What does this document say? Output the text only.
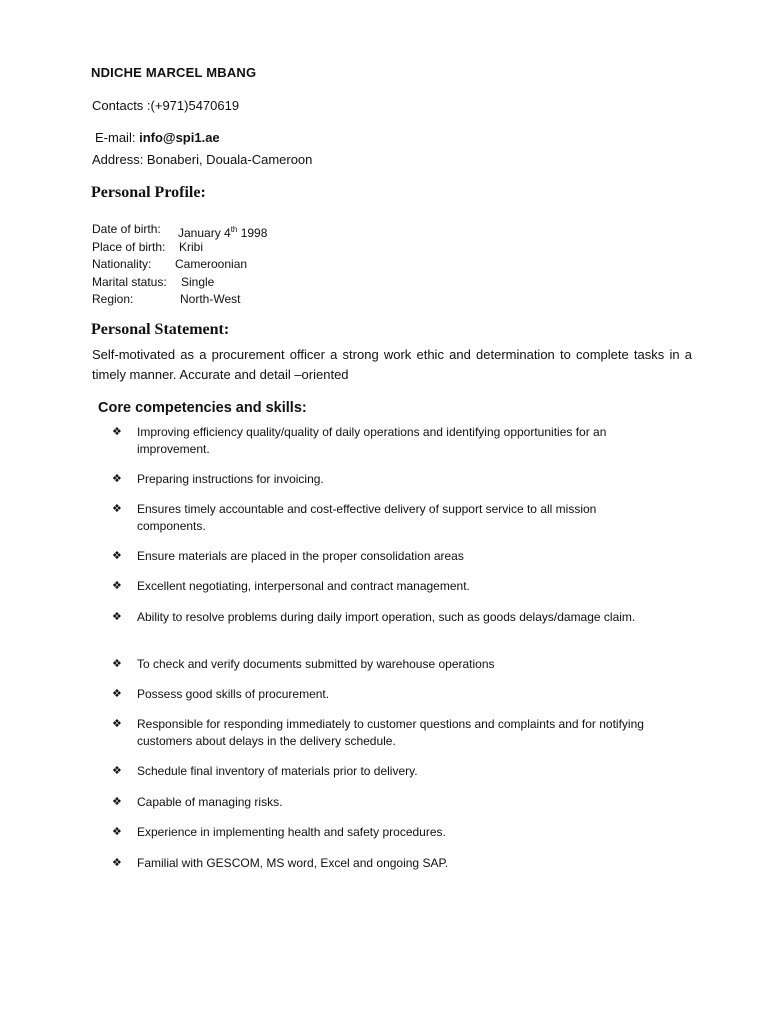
NDICHE MARCEL MBANG
Contacts :(+971)5470619
E-mail: info@spi1.ae
Address: Bonaberi, Douala-Cameroon
Personal Profile:
Date of birth: January 4th 1998
Place of birth: Kribi
Nationality: Cameroonian
Marital status: Single
Region:	North-West
Personal Statement:
Self-motivated as a procurement officer a strong work ethic and determination to complete tasks in a timely manner. Accurate and detail –oriented
Core competencies and skills:
❖	Improving efficiency quality/quality of daily operations and identifying opportunities for an improvement.
❖	Preparing instructions for invoicing.
❖	Ensures timely accountable and cost-effective delivery of support service to all mission components.
❖	Ensure materials are placed in the proper consolidation areas
❖	Excellent negotiating, interpersonal and contract management.
❖	Ability to resolve problems during daily import operation, such as goods delays/damage claim.
❖	To check and verify documents submitted by warehouse operations
❖	Possess good skills of procurement.
❖	Responsible for responding immediately to customer questions and complaints and for notifying customers about delays in the delivery schedule.
❖	Schedule final inventory of materials prior to delivery.
❖	Capable of managing risks.
❖	Experience in implementing health and safety procedures.
❖	Familial with GESCOM, MS word, Excel and ongoing SAP.
